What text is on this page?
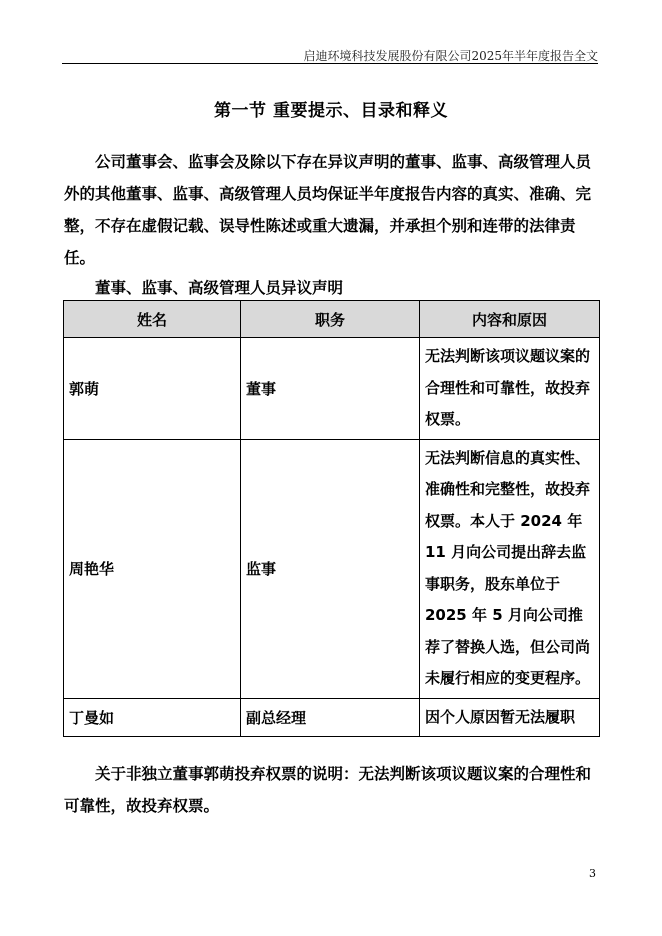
启迪环境科技发展股份有限公司2025年半年度报告全文
第一节 重要提示、目录和释义

公司董事会、监事会及除以下存在异议声明的董事、监事、高级管理人员外的其他董事、监事、高级管理人员均保证半年度报告内容的真实、准确、完整，不存在虚假记载、误导性陈述或重大遗漏，并承担个别和连带的法律责任。

董事、监事、高级管理人员异议声明
姓名	职务	内容和原因
郭萌	董事	无法判断该项议题议案的合理性和可靠性，故投弃权票。
周艳华	监事	无法判断信息的真实性、准确性和完整性，故投弃权票。本人于 2024 年 11 月向公司提出辞去监事职务，股东单位于 2025 年 5 月向公司推荐了替换人选，但公司尚未履行相应的变更程序。
丁曼如	副总经理	因个人原因暂无法履职

关于非独立董事郭萌投弃权票的说明：无法判断该项议题议案的合理性和可靠性，故投弃权票。

3
